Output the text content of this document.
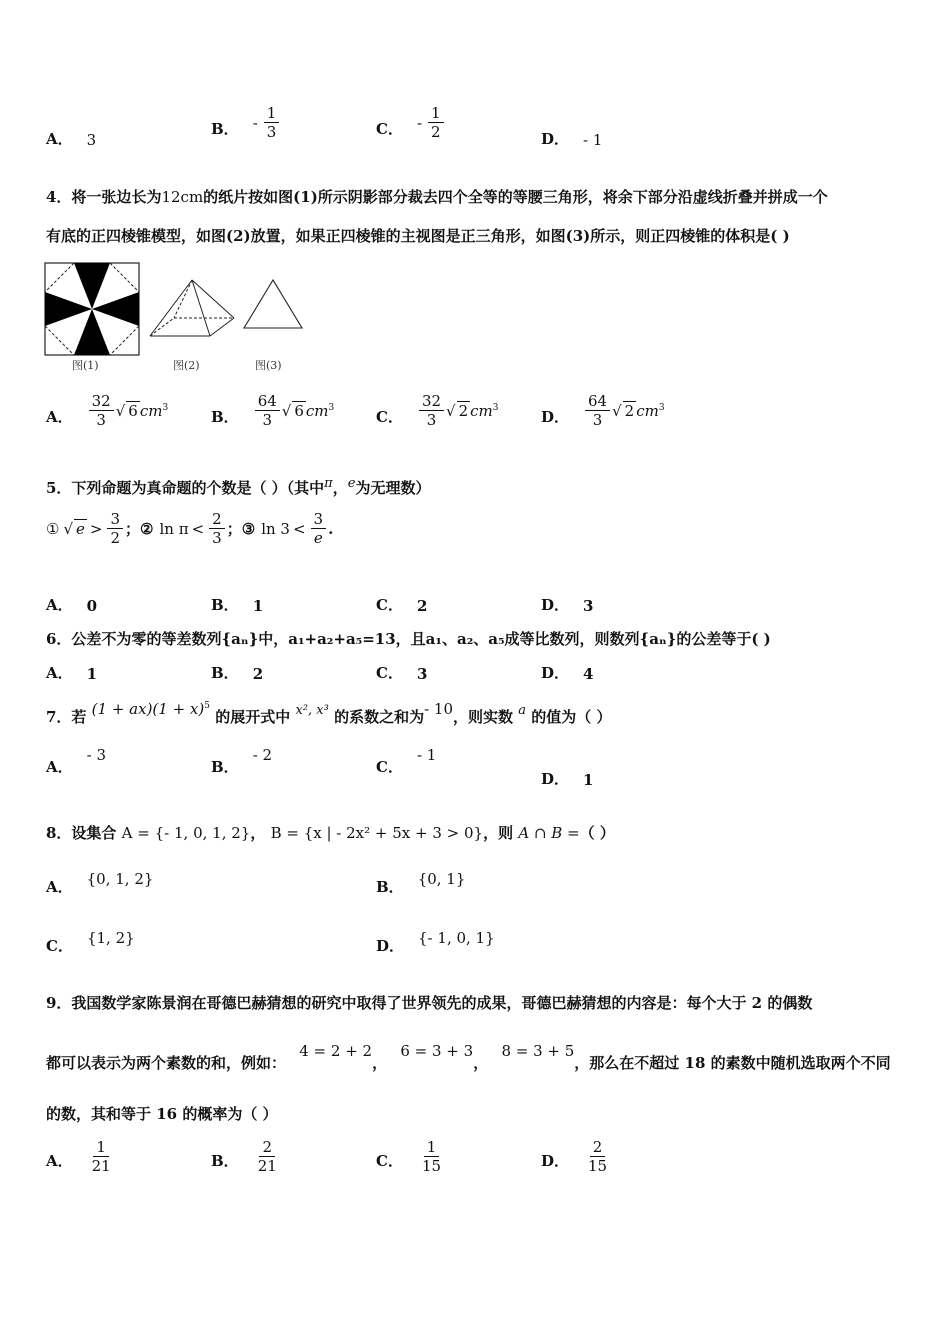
A． 3
B． - $\frac{1}{3}$	C． - $\frac{1}{2}$	D． - 1
4．将一张边长为12cm的纸片按如图(1)所示阴影部分裁去四个全等的等腰三角形，将余下部分沿虚线折叠并拼成一个
有底的正四棱锥模型，如图(2)放置，如果正四棱锥的主视图是正三角形，如图(3)所示，则正四棱锥的体积是( )
图(1)	图(2)	图(3)
A． $\frac{32}{3}$ √ 6 $cm^3$	B． $\frac{64}{3}$ √ 6 $cm^3$	C． $\frac{32}{3}$ √ 2 $cm^3$	D． $\frac{64}{3}$ √ 2 $cm^3$
5．下列命题为真命题的个数是（ ）（其中π，e为无理数）
① √ $e > \frac{3}{2}$ ； ② $\ln \pi < \frac{2}{3}$ ； ③ $\ln 3 < \frac{3}{e}$ .
A． 0	B． 1	C． 2	D． 3
6．公差不为零的等差数列{aₙ}中，a₁+a₂+a₅=13，且a₁、a₂、a₅成等比数列，则数列{aₙ}的公差等于( )
A． 1	B． 2	C． 3	D． 4
7．若 $(1 + ax)(1 + x)^5$ 的展开式中 x², x³ 的系数之和为- 10，则实数 a 的值为（ ）
A．
- 3
B．
- 2
C．
- 1
D． 1
8．设集合 A = {- 1, 0, 1, 2}， B = {x | - 2x² + 5x + 3 > 0}，则 A ∩ B =（ ）
A． {0, 1, 2}	B． {0, 1}
C． {1, 2}	D． {- 1, 0, 1}
9．我国数学家陈景润在哥德巴赫猜想的研究中取得了世界领先的成果，哥德巴赫猜想的内容是：每个大于 2 的偶数
都可以表示为两个素数的和，例如： 4 = 2 + 2， 6 = 3 + 3， 8 = 3 + 5，那么在不超过 18 的素数中随机选取两个不同
的数，其和等于 16 的概率为（ ）
A． $\frac{1}{21}$	B． $\frac{2}{21}$	C． $\frac{1}{15}$	D． $\frac{2}{15}$
